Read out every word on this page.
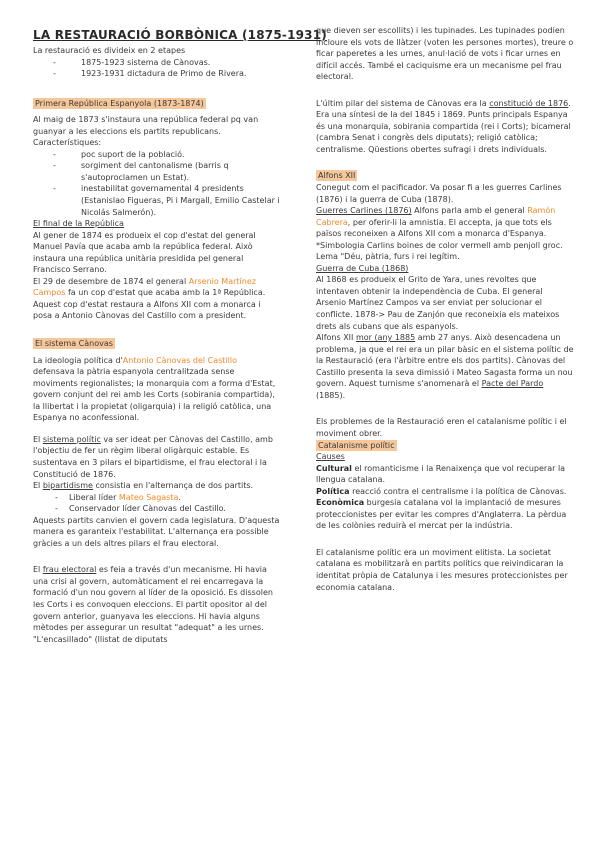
LA RESTAURACIÓ BORBÒNICA (1875-1931)

La restauració es divideix en 2 etapes

- 1875-1923 sistema de Cànovas.
- 1923-1931 dictadura de Primo de Rivera.

Primera República Espanyola (1873-1874)

Al maig de 1873 s'instaura una república federal pq van guanyar a les eleccions els partits republicans.

Característiques:

- poc suport de la població.
- sorgiment del cantonalisme (barris q s'autoproclamen un Estat).
- inestabilitat governamental 4 presidents (Estanislao Figueras, Pi i Margall, Emilio Castelar i Nicolás Salmerón).

El final de la República

Al gener de 1874 es produeix el cop d'estat del general Manuel Pavía que acaba amb la república federal. Això instaura una república unitària presidida pel general Francisco Serrano.

El 29 de desembre de 1874 el general Arsenio Martínez Campos fa un cop d'estat que acaba amb la 1ª República. Aquest cop d'estat restaura a Alfons XII com a monarca i posa a Antonio Cànovas del Castillo com a president.

El sistema Cànovas

La ideologia política d'Antonio Cànovas del Castillo defensava la pàtria espanyola centralitzada sense moviments regionalistes; la monarquia com a forma d'Estat, govern conjunt del rei amb les Corts (sobirania compartida), la llibertat i la propietat (oligarquia) i la religió catòlica, una Espanya no aconfessional.

El sistema polític va ser ideat per Cànovas del Castillo, amb l'objectiu de fer un règim liberal oligàrquic estable. Es sustentava en 3 pilars el bipartidisme, el frau electoral i la Constitució de 1876.

El bipartidisme consistia en l'alternança de dos partits.

- Liberal líder Mateo Sagasta.
- Conservador líder Cànovas del Castillo.

Aquests partits canvien el govern cada legislatura. D'aquesta manera es garanteix l'estabilitat. L'alternança era possible gràcies a un dels altres pilars el frau electoral.

El frau electoral es feia a través d'un mecanisme. Hi havia una crisi al govern, automàticament el rei encarregava la formació d'un nou govern al líder de la oposició. Es dissolen les Corts i es convoquen eleccions. El partit opositor al del govern anterior, guanyava les eleccions. Hi havia alguns mètodes per assegurar un resultat "adequat" a les urnes. "L'encasillado" (llistat de diputats

que dieven ser escollits) i les tupinades. Les tupinades podien incloure els vots de llàtzer (voten les persones mortes), treure o ficar paperetes a les urnes, anul·lació de vots i ficar urnes en difícil accés. També el caciquisme era un mecanisme pel frau electoral.

L'últim pilar del sistema de Cànovas era la constitució de 1876. Era una síntesi de la del 1845 i 1869. Punts principals Espanya és una monarquia, sobirania compartida (rei i Corts); bicameral (cambra Senat i congrès dels diputats); religió catòlica; centralisme. Qüestions obertes sufragi i drets individuals.

Alfons XII

Conegut com el pacificador. Va posar fi a les guerres Carlines (1876) i la guerra de Cuba (1878).

Guerres Carlines (1876) Alfons parla amb el general Ramón Cabrera, per oferir-li la amnistia. El accepta, ja que tots els països reconeixen a Alfons XII com a monarca d'Espanya.

*Simbologia Carlins boines de color vermell amb penjoll groc. Lema "Déu, pàtria, furs i rei legítim.

Guerra de Cuba (1868)

Al 1868 es produeix el Grito de Yara, unes revoltes que intentaven obtenir la independència de Cuba. El general Arsenio Martínez Campos va ser enviat per solucionar el conflicte. 1878-> Pau de Zanjón que reconeixia els mateixos drets als cubans que als espanyols.

Alfons XII mor (any 1885 amb 27 anys. Això desencadena un problema, ja que el rei era un pilar bàsic en el sistema polític de la Restauració (era l'àrbitre entre els dos partits). Cànovas del Castillo presenta la seva dimissió i Mateo Sagasta forma un nou govern. Aquest turnisme s'anomenarà el Pacte del Pardo (1885).

Els problemes de la Restauració eren el catalanisme polític i el moviment obrer.

Catalanisme polític

Causes

Cultural el romanticisme i la Renaixença que vol recuperar la llengua catalana.

Política reacció contra el centralisme i la política de Cànovas.

Econòmica burgesia catalana vol la implantació de mesures proteccionistes per evitar les compres d'Anglaterra. La pèrdua de les colònies reduirà el mercat per la indústria.

El catalanisme polític era un moviment elitista. La societat catalana es mobilitzarà en partits polítics que reivindicaran la identitat pròpia de Catalunya i les mesures proteccionistes per economia catalana.
